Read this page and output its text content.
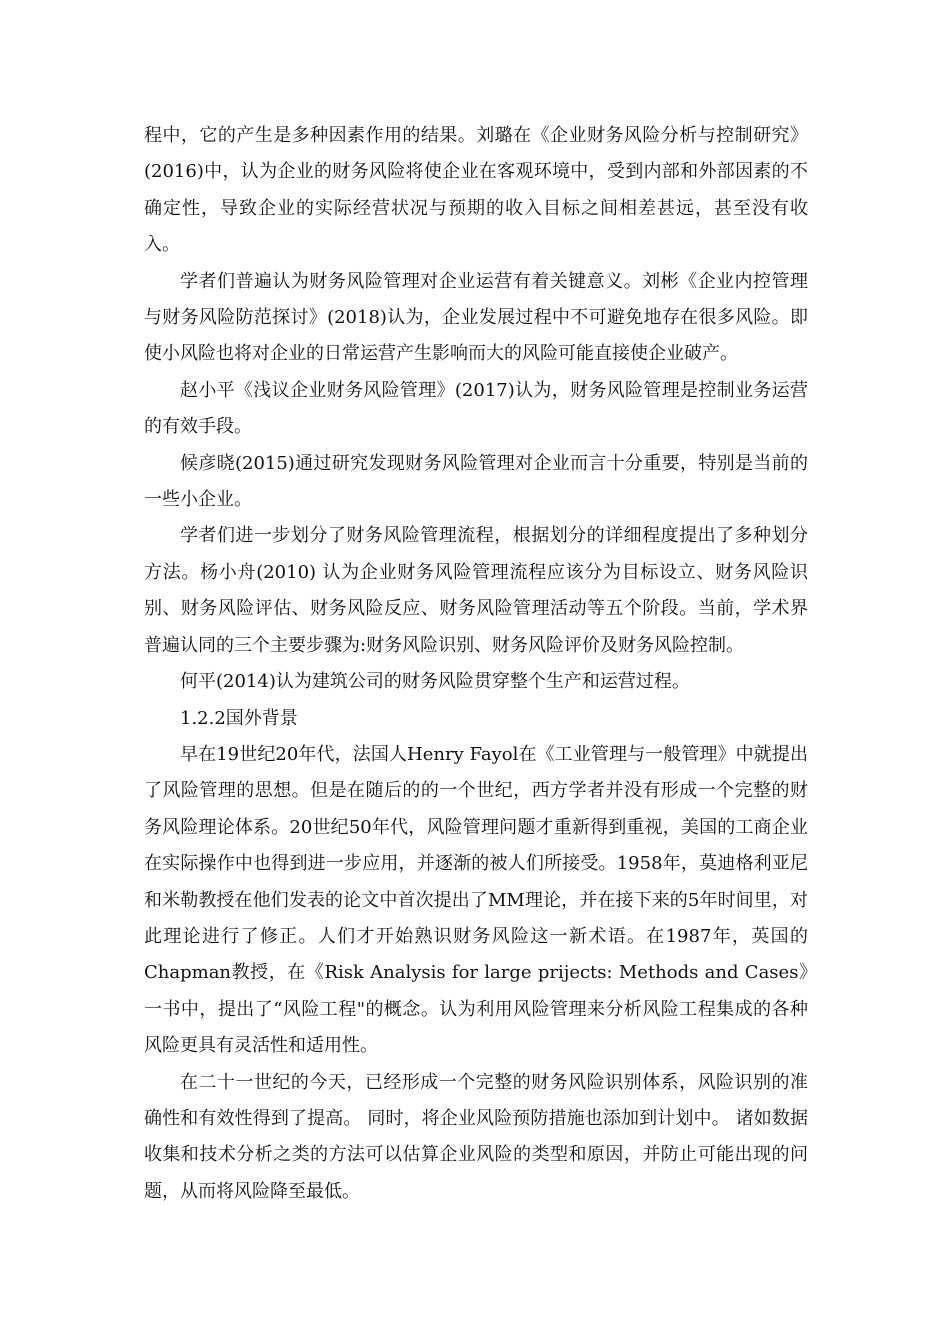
程中，它的产生是多种因素作用的结果。刘璐在《企业财务风险分析与控制研究》(2016)中，认为企业的财务风险将使企业在客观环境中，受到内部和外部因素的不确定性，导致企业的实际经营状况与预期的收入目标之间相差甚远，甚至没有收入。

学者们普遍认为财务风险管理对企业运营有着关键意义。刘彬《企业内控管理与财务风险防范探讨》(2018)认为，企业发展过程中不可避免地存在很多风险。即使小风险也将对企业的日常运营产生影响而大的风险可能直接使企业破产。

赵小平《浅议企业财务风险管理》(2017)认为，财务风险管理是控制业务运营的有效手段。

候彦晓(2015)通过研究发现财务风险管理对企业而言十分重要，特别是当前的一些小企业。

学者们进一步划分了财务风险管理流程，根据划分的详细程度提出了多种划分方法。杨小舟(2010) 认为企业财务风险管理流程应该分为目标设立、财务风险识别、财务风险评估、财务风险反应、财务风险管理活动等五个阶段。当前，学术界普遍认同的三个主要步骤为:财务风险识别、财务风险评价及财务风险控制。

何平(2014)认为建筑公司的财务风险贯穿整个生产和运营过程。

1.2.2国外背景

早在19世纪20年代，法国人Henry Fayol在《工业管理与一般管理》中就提出了风险管理的思想。但是在随后的的一个世纪，西方学者并没有形成一个完整的财务风险理论体系。20世纪50年代，风险管理问题才重新得到重视，美国的工商企业在实际操作中也得到进一步应用，并逐渐的被人们所接受。1958年，莫迪格利亚尼和米勒教授在他们发表的论文中首次提出了MM理论，并在接下来的5年时间里，对此理论进行了修正。人们才开始熟识财务风险这一新术语。在1987年，英国的Chapman教授，在《Risk Analysis for large prijects: Methods and Cases》一书中，提出了“风险工程"的概念。认为利用风险管理来分析风险工程集成的各种风险更具有灵活性和适用性。

在二十一世纪的今天，已经形成一个完整的财务风险识别体系，风险识别的准确性和有效性得到了提高。 同时，将企业风险预防措施也添加到计划中。 诸如数据收集和技术分析之类的方法可以估算企业风险的类型和原因，并防止可能出现的问题，从而将风险降至最低。
